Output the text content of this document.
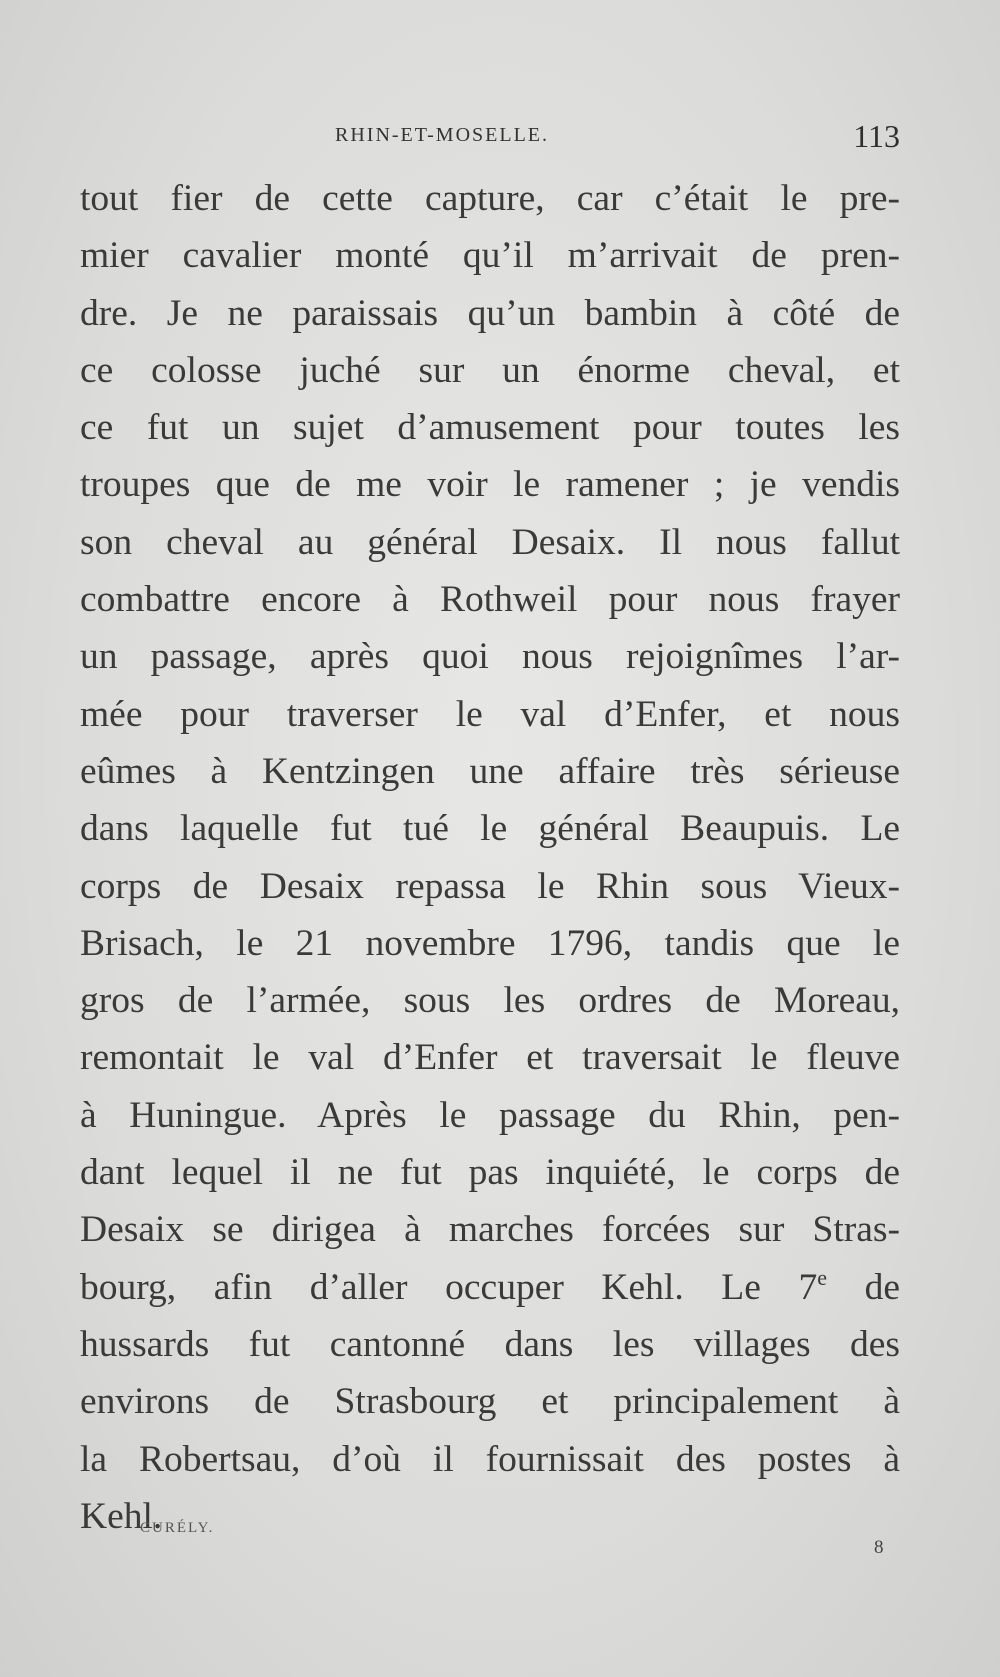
RHIN-ET-MOSELLE.	113
tout fier de cette capture, car c’était le pre-
mier cavalier monté qu’il m’arrivait de pren-
dre. Je ne paraissais qu’un bambin à côté de
ce colosse juché sur un énorme cheval, et
ce fut un sujet d’amusement pour toutes les
troupes que de me voir le ramener ; je vendis
son cheval au général Desaix. Il nous fallut
combattre encore à Rothweil pour nous frayer
un passage, après quoi nous rejoignîmes l’ar-
mée pour traverser le val d’Enfer, et nous
eûmes à Kentzingen une affaire très sérieuse
dans laquelle fut tué le général Beaupuis. Le
corps de Desaix repassa le Rhin sous Vieux-
Brisach, le 21 novembre 1796, tandis que le
gros de l’armée, sous les ordres de Moreau,
remontait le val d’Enfer et traversait le fleuve
à Huningue. Après le passage du Rhin, pen-
dant lequel il ne fut pas inquiété, le corps de
Desaix se dirigea à marches forcées sur Stras-
bourg, afin d’aller occuper Kehl. Le 7e de
hussards fut cantonné dans les villages des
environs de Strasbourg et principalement à
la Robertsau, d’où il fournissait des postes à
Kehl.
CURÉLY.
8
